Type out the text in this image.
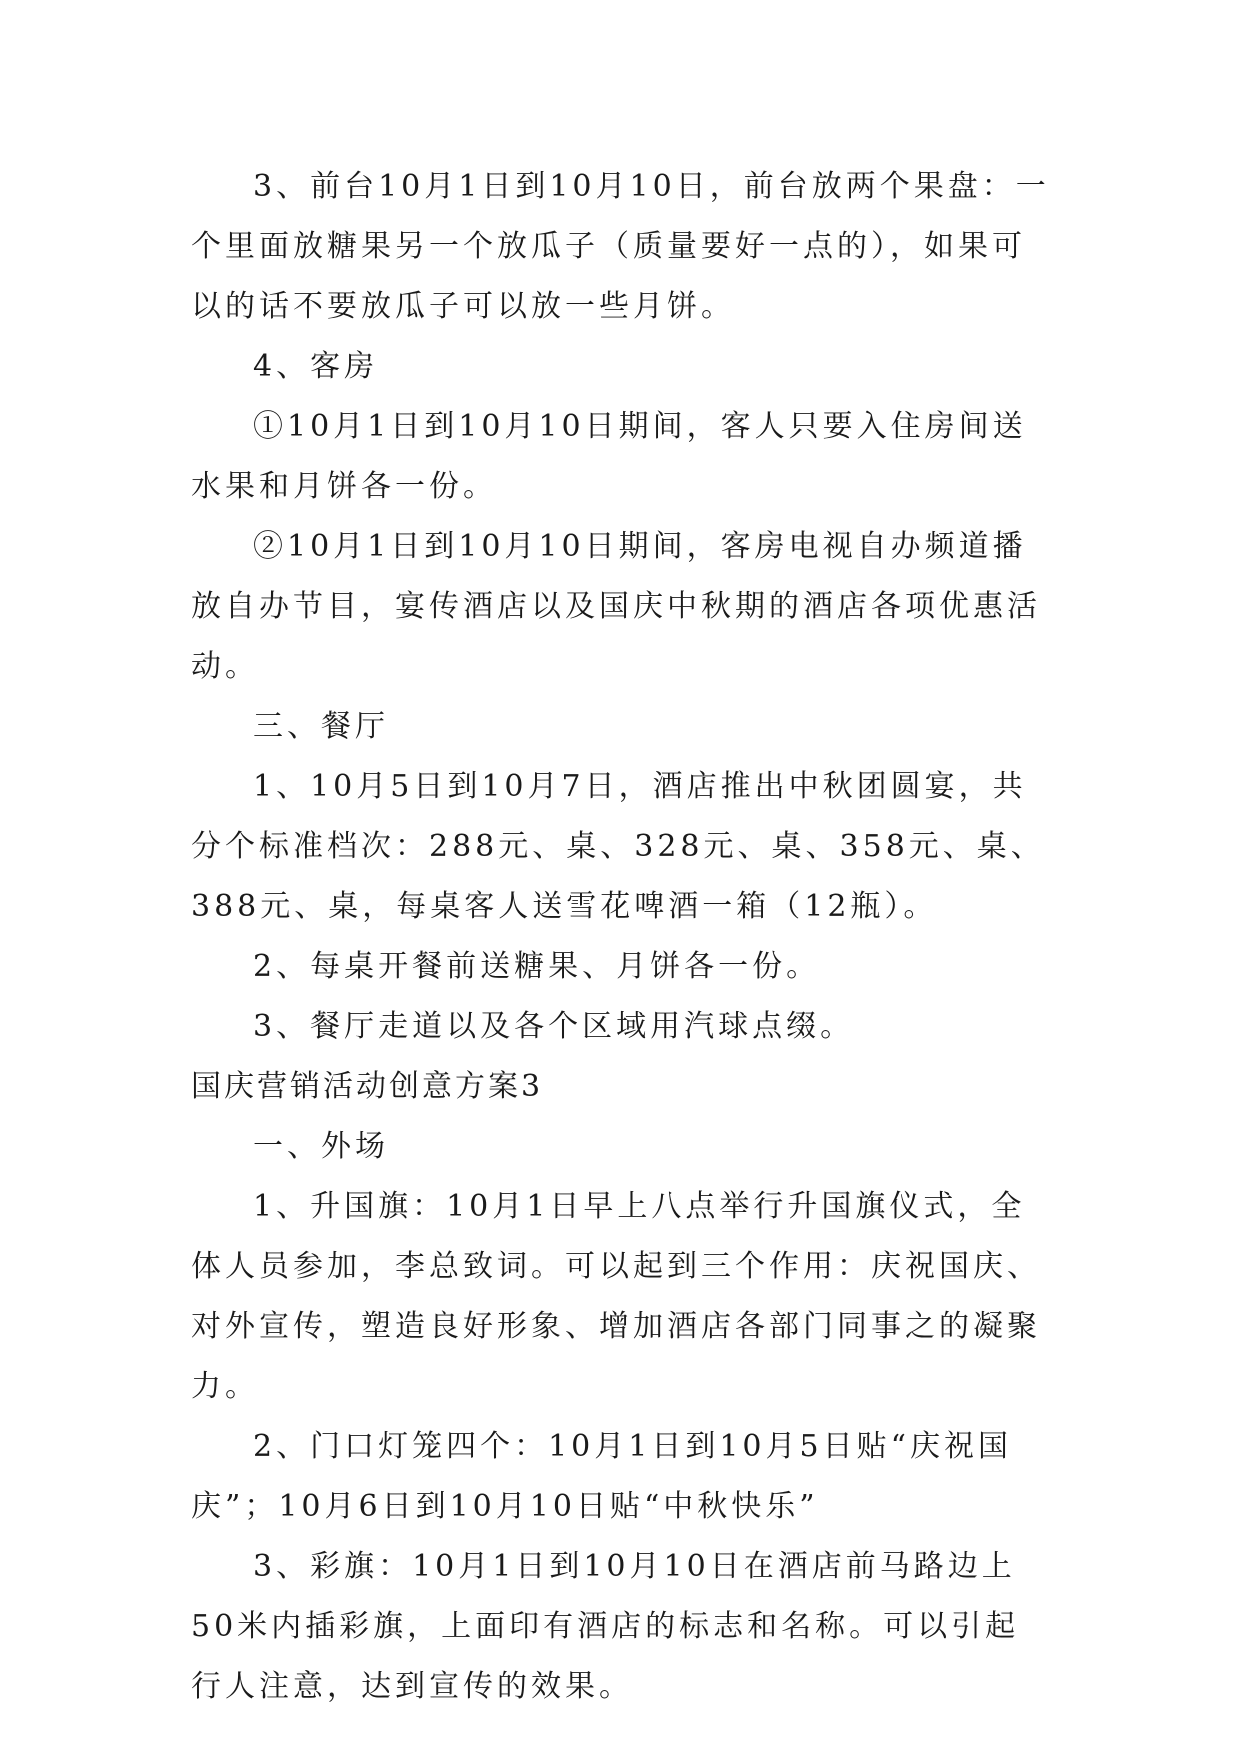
3、前台10月1日到10月10日，前台放两个果盘：一个里面放糖果另一个放瓜子（质量要好一点的），如果可以的话不要放瓜子可以放一些月饼。

4、客房

①10月1日到10月10日期间，客人只要入住房间送水果和月饼各一份。

②10月1日到10月10日期间，客房电视自办频道播放自办节目，宴传酒店以及国庆中秋期的酒店各项优惠活动。

三、餐厅

1、10月5日到10月7日，酒店推出中秋团圆宴，共分个标准档次：288元、桌、328元、桌、358元、桌、388元、桌，每桌客人送雪花啤酒一箱（12瓶）。

2、每桌开餐前送糖果、月饼各一份。

3、餐厅走道以及各个区域用汽球点缀。

国庆营销活动创意方案3

一、外场

1、升国旗：10月1日早上八点举行升国旗仪式，全体人员参加，李总致词。可以起到三个作用：庆祝国庆、对外宣传，塑造良好形象、增加酒店各部门同事之的凝聚力。

2、门口灯笼四个：10月1日到10月5日贴“庆祝国庆”；10月6日到10月10日贴“中秋快乐”

3、彩旗：10月1日到10月10日在酒店前马路边上50米内插彩旗，上面印有酒店的标志和名称。可以引起行人注意，达到宣传的效果。
